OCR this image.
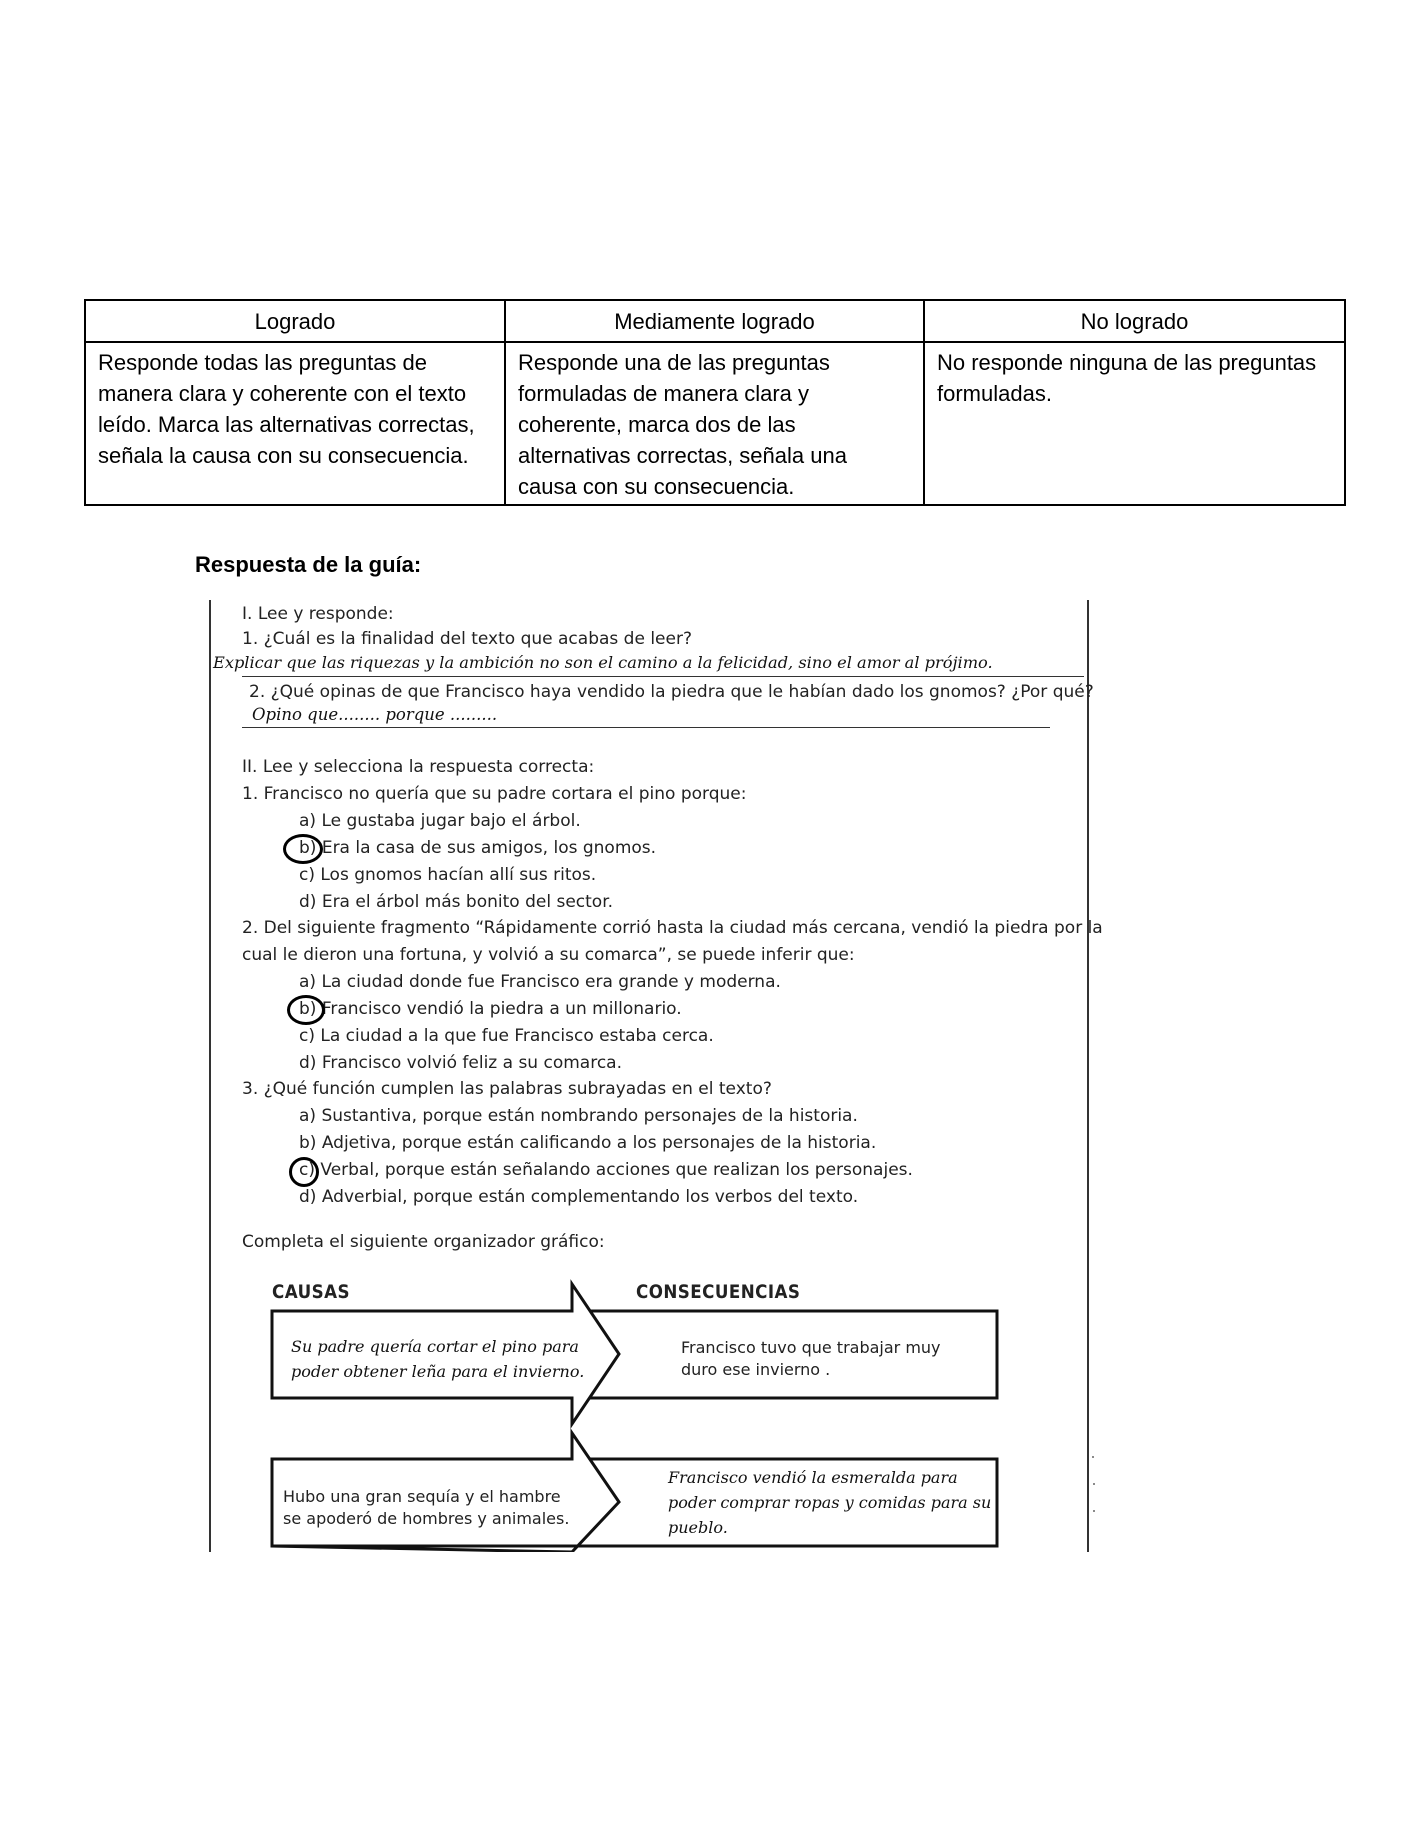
Logrado	Mediamente logrado	No logrado
Responde todas las preguntas de manera clara y coherente con el texto leído. Marca las alternativas correctas, señala la causa con su consecuencia.	Responde una de las preguntas formuladas de manera clara y coherente, marca dos de las alternativas correctas, señala una causa con su consecuencia.	No responde ninguna de las preguntas formuladas.
Respuesta de la guía:
I. Lee y responde:
1. ¿Cuál es la finalidad del texto que acabas de leer?
Explicar que las riquezas y la ambición no son el camino a la felicidad, sino el amor al prójimo.
2. ¿Qué opinas de que Francisco haya vendido la piedra que le habían dado los gnomos? ¿Por qué?
Opino que........ porque .........
II. Lee y selecciona la respuesta correcta:
1. Francisco no quería que su padre cortara el pino porque:
a) Le gustaba jugar bajo el árbol.
b) Era la casa de sus amigos, los gnomos.
c) Los gnomos hacían allí sus ritos.
d) Era el árbol más bonito del sector.
2. Del siguiente fragmento “Rápidamente corrió hasta la ciudad más cercana, vendió la piedra por la
cual le dieron una fortuna, y volvió a su comarca”, se puede inferir que:
a) La ciudad donde fue Francisco era grande y moderna.
b) Francisco vendió la piedra a un millonario.
c) La ciudad a la que fue Francisco estaba cerca.
d) Francisco volvió feliz a su comarca.
3. ¿Qué función cumplen las palabras subrayadas en el texto?
a) Sustantiva, porque están nombrando personajes de la historia.
b) Adjetiva, porque están calificando a los personajes de la historia.
c) Verbal, porque están señalando acciones que realizan los personajes.
d) Adverbial, porque están complementando los verbos del texto.
Completa el siguiente organizador gráfico:
CAUSAS	CONSECUENCIAS
Su padre quería cortar el pino para poder obtener leña para el invierno.
Francisco tuvo que trabajar muy duro ese invierno .
Hubo una gran sequía y el hambre se apoderó de hombres y animales.
Francisco vendió la esmeralda para poder comprar ropas y comidas para su pueblo.
